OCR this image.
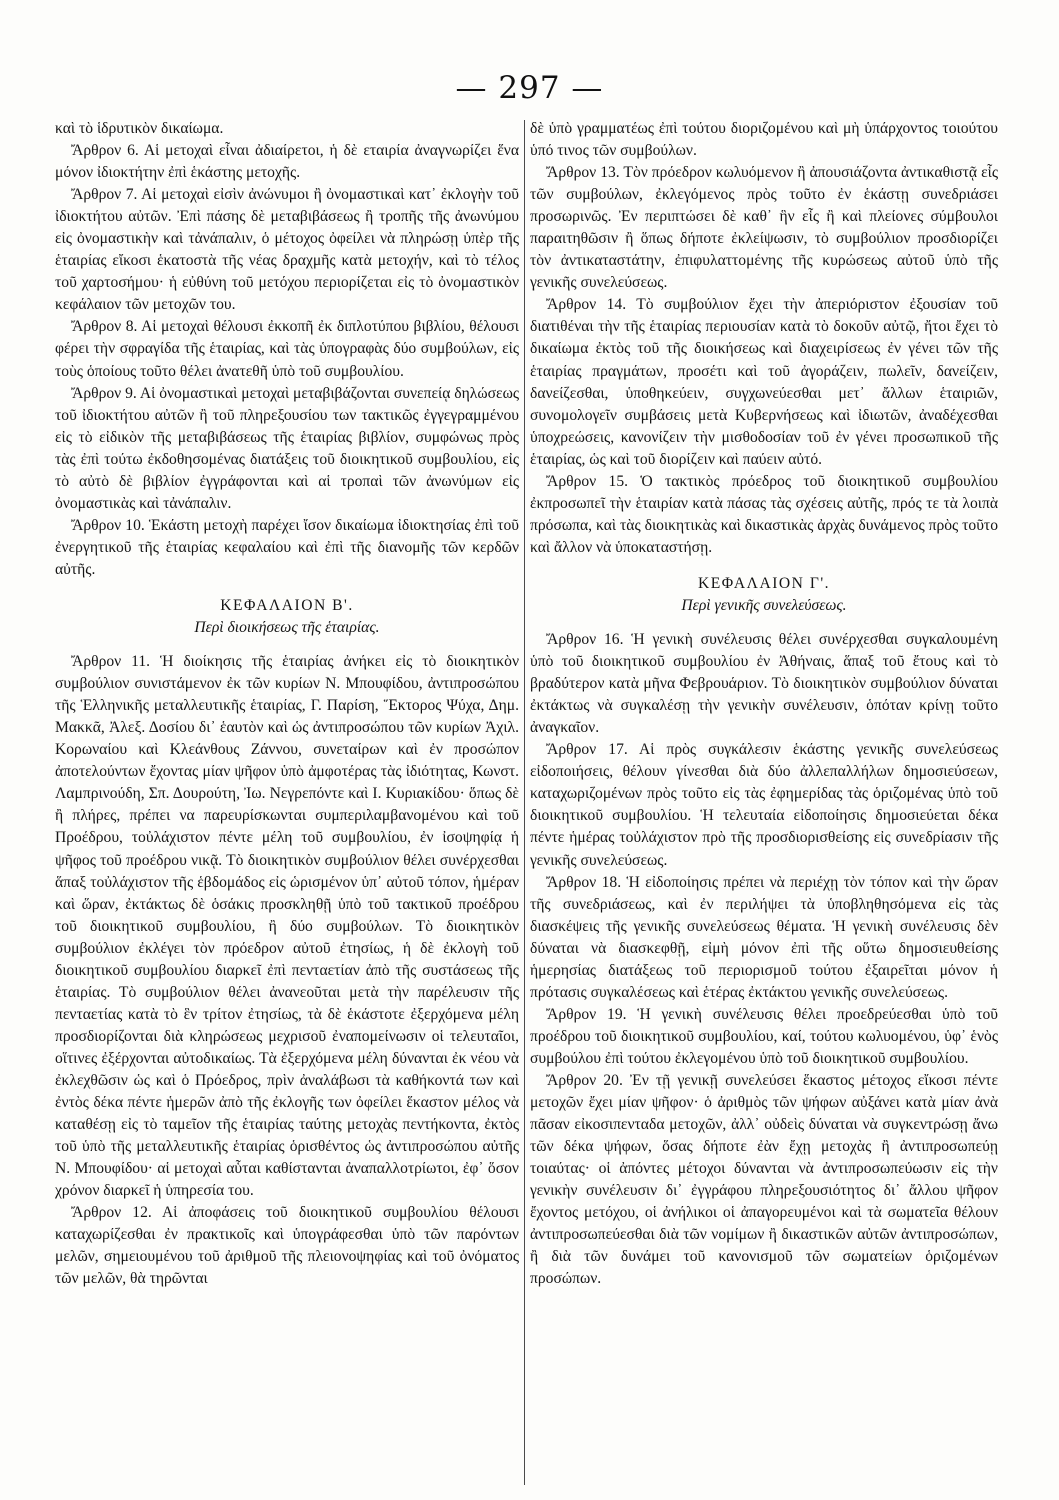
— 297 —

καὶ τὸ ἱδρυτικὸν δικαίωμα.

Ἄρθρον 6. Αἱ μετοχαὶ εἶναι ἀδιαίρετοι, ἡ δὲ εταιρία ἀναγνωρίζει ἕνα μόνον ἰδιοκτήτην ἐπὶ ἑκάστης μετοχῆς.

Ἄρθρον 7. Αἱ μετοχαὶ εἰσὶν ἀνώνυμοι ἢ ὀνομαστικαὶ κατ᾿ ἐκλογὴν τοῦ ἰδιοκτήτου αὐτῶν. Ἐπὶ πάσης δὲ μεταβιβάσεως ἢ τροπῆς τῆς ἀνωνύμου εἰς ὀνομαστικὴν καὶ τἀνάπαλιν, ὁ μέτοχος ὀφείλει νὰ πληρώσῃ ὑπὲρ τῆς ἑταιρίας εἴκοσι ἑκατοστὰ τῆς νέας δραχμῆς κατὰ μετοχήν, καὶ τὸ τέλος τοῦ χαρτοσήμου· ἡ εὐθύνη τοῦ μετόχου περιορίζεται εἰς τὸ ὀνομαστικὸν κεφάλαιον τῶν μετοχῶν του.

Ἄρθρον 8. Αἱ μετοχαὶ θέλουσι ἐκκοπῆ ἐκ διπλοτύπου βιβλίου, θέλουσι φέρει τὴν σφραγίδα τῆς ἑταιρίας, καὶ τὰς ὑπογραφὰς δύο συμβούλων, εἰς τοὺς ὁποίους τοῦτο θέλει ἀνατεθῆ ὑπὸ τοῦ συμβουλίου.

Ἄρθρον 9. Αἱ ὀνομαστικαὶ μετοχαὶ μεταβιβάζονται συνεπείᾳ δηλώσεως τοῦ ἰδιοκτήτου αὐτῶν ἢ τοῦ πληρεξουσίου των τακτικῶς ἐγγεγραμμένου εἰς τὸ εἰδικὸν τῆς μεταβιβάσεως τῆς ἑταιρίας βιβλίον, συμφώνως πρὸς τὰς ἐπὶ τούτω ἐκδοθησομένας διατάξεις τοῦ διοικητικοῦ συμβουλίου, εἰς τὸ αὐτὸ δὲ βιβλίον ἐγγράφονται καὶ αἱ τροπαὶ τῶν ἀνωνύμων εἰς ὀνομαστικὰς καὶ τἀνάπαλιν.

Ἄρθρον 10. Ἑκάστη μετοχὴ παρέχει ἴσον δικαίωμα ἰδιοκτησίας ἐπὶ τοῦ ἐνεργητικοῦ τῆς ἑταιρίας κεφαλαίου καὶ ἐπὶ τῆς διανομῆς τῶν κερδῶν αὐτῆς.

ΚΕΦΑΛΑΙΟΝ Β'.

Περὶ διοικήσεως τῆς ἑταιρίας.

Ἄρθρον 11. Ἡ διοίκησις τῆς ἑταιρίας ἀνήκει εἰς τὸ διοικητικὸν συμβούλιον συνιστάμενον ἐκ τῶν κυρίων Ν. Μπουφίδου, ἀντιπροσώπου τῆς Ἑλληνικῆς μεταλλευτικῆς ἑταιρίας, Γ. Παρίση, Ἕκτορος Ψύχα, Δημ. Μακκᾶ, Ἀλεξ. Δοσίου δι᾿ ἑαυτὸν καὶ ὡς ἀντιπροσώπου τῶν κυρίων Ἀχιλ. Κορωναίου καὶ Κλεάνθους Ζάννου, συνεταίρων καὶ ἐν προσώπον ἀποτελούντων ἔχοντας μίαν ψῆφον ὑπὸ ἀμφοτέρας τὰς ἰδιότητας, Κωνστ. Λαμπρινούδη, Σπ. Δουρούτη, Ἰω. Νεγρεπόντε καὶ Ι. Κυριακίδου· ὅπως δὲ ἢ πλήρες, πρέπει να παρευρίσκωνται συμπεριλαμβανομένου καὶ τοῦ Προέδρου, τοὐλάχιστον πέντε μέλη τοῦ συμβουλίου, ἐν ἰσοψηφίᾳ ἡ ψῆφος τοῦ προέδρου νικᾷ. Τὸ διοικητικὸν συμβούλιον θέλει συνέρχεσθαι ἅπαξ τοὐλάχιστον τῆς ἑβδομάδος εἰς ὡρισμένον ὑπ᾿ αὐτοῦ τόπον, ἡμέραν καὶ ὥραν, ἐκτάκτως δὲ ὁσάκις προσκληθῇ ὑπὸ τοῦ τακτικοῦ προέδρου τοῦ διοικητικοῦ συμβουλίου, ἢ δύο συμβούλων. Τὸ διοικητικὸν συμβούλιον ἐκλέγει τὸν πρόεδρον αὐτοῦ ἐτησίως, ἡ δὲ ἐκλογὴ τοῦ διοικητικοῦ συμβουλίου διαρκεῖ ἐπὶ πενταετίαν ἀπὸ τῆς συστάσεως τῆς ἑταιρίας. Τὸ συμβούλιον θέλει ἀνανεοῦται μετὰ τὴν παρέλευσιν τῆς πενταετίας κατὰ τὸ ἓν τρίτον ἐτησίως, τὰ δὲ ἑκάστοτε ἐξερχόμενα μέλη προσδιορίζονται διὰ κληρώσεως μεχρισοῦ ἐναπομείνωσιν οἱ τελευταῖοι, οἵτινες ἐξέρχονται αὐτοδικαίως. Τὰ ἐξερχόμενα μέλη δύνανται ἐκ νέου νὰ ἐκλεχθῶσιν ὡς καὶ ὁ Πρόεδρος, πρὶν ἀναλάβωσι τὰ καθήκοντά των καὶ ἐντὸς δέκα πέντε ἡμερῶν ἀπὸ τῆς ἐκλογῆς των ὀφείλει ἕκαστον μέλος νὰ καταθέσῃ εἰς τὸ ταμεῖον τῆς ἑταιρίας ταύτης μετοχὰς πεντήκοντα, ἐκτὸς τοῦ ὑπὸ τῆς μεταλλευτικῆς ἑταιρίας ὁρισθέντος ὡς ἀντιπροσώπου αὐτῆς Ν. Μπουφίδου· αἱ μετοχαὶ αὗται καθίστανται ἀναπαλλοτρίωτοι, ἐφ᾿ ὅσον χρόνον διαρκεῖ ἡ ὑπηρεσία του.

Ἄρθρον 12. Αἱ ἀποφάσεις τοῦ διοικητικοῦ συμβουλίου θέλουσι καταχωρίζεσθαι ἐν πρακτικοῖς καὶ ὑπογράφεσθαι ὑπὸ τῶν παρόντων μελῶν, σημειουμένου τοῦ ἀριθμοῦ τῆς πλειονοψηφίας καὶ τοῦ ὀνόματος τῶν μελῶν, θὰ τηρῶνται

δὲ ὑπὸ γραμματέως ἐπὶ τούτου διοριζομένου καὶ μὴ ὑπάρχοντος τοιούτου ὑπό τινος τῶν συμβούλων.

Ἄρθρον 13. Τὸν πρόεδρον κωλυόμενον ἢ ἀπουσιάζοντα ἀντικαθιστᾷ εἷς τῶν συμβούλων, ἐκλεγόμενος πρὸς τοῦτο ἐν ἑκάστῃ συνεδριάσει προσωρινῶς. Ἐν περιπτώσει δὲ καθ᾿ ἣν εἷς ἢ καὶ πλείονες σύμβουλοι παραιτηθῶσιν ἢ ὅπως δήποτε ἐκλείψωσιν, τὸ συμβούλιον προσδιορίζει τὸν ἀντικαταστάτην, ἐπιφυλαττομένης τῆς κυρώσεως αὐτοῦ ὑπὸ τῆς γενικῆς συνελεύσεως.

Ἄρθρον 14. Τὸ συμβούλιον ἔχει τὴν ἀπεριόριστον ἐξουσίαν τοῦ διατιθέναι τὴν τῆς ἑταιρίας περιουσίαν κατὰ τὸ δοκοῦν αὐτῷ, ἤτοι ἔχει τὸ δικαίωμα ἐκτὸς τοῦ τῆς διοικήσεως καὶ διαχειρίσεως ἐν γένει τῶν τῆς ἑταιρίας πραγμάτων, προσέτι καὶ τοῦ ἀγοράζειν, πωλεῖν, δανείζειν, δανείζεσθαι, ὑποθηκεύειν, συγχωνεύεσθαι μετ᾿ ἄλλων ἑταιριῶν, συνομολογεῖν συμβάσεις μετὰ Κυβερνήσεως καὶ ἰδιωτῶν, ἀναδέχεσθαι ὑποχρεώσεις, κανονίζειν τὴν μισθοδοσίαν τοῦ ἐν γένει προσωπικοῦ τῆς ἑταιρίας, ὡς καὶ τοῦ διορίζειν καὶ παύειν αὐτό.

Ἄρθρον 15. Ὁ τακτικὸς πρόεδρος τοῦ διοικητικοῦ συμβουλίου ἐκπροσωπεῖ τὴν ἑταιρίαν κατὰ πάσας τὰς σχέσεις αὐτῆς, πρός τε τὰ λοιπὰ πρόσωπα, καὶ τὰς διοικητικὰς καὶ δικαστικὰς ἀρχὰς δυνάμενος πρὸς τοῦτο καὶ ἄλλον νὰ ὑποκαταστήσῃ.

ΚΕΦΑΛΑΙΟΝ Γ'.

Περὶ γενικῆς συνελεύσεως.

Ἄρθρον 16. Ἡ γενικὴ συνέλευσις θέλει συνέρχεσθαι συγκαλουμένη ὑπὸ τοῦ διοικητικοῦ συμβουλίου ἐν Ἀθήναις, ἅπαξ τοῦ ἔτους καὶ τὸ βραδύτερον κατὰ μῆνα Φεβρουάριον. Τὸ διοικητικὸν συμβούλιον δύναται ἐκτάκτως νὰ συγκαλέσῃ τὴν γενικὴν συνέλευσιν, ὁπόταν κρίνῃ τοῦτο ἀναγκαῖον.

Ἄρθρον 17. Αἱ πρὸς συγκάλεσιν ἑκάστης γενικῆς συνελεύσεως εἰδοποιήσεις, θέλουν γίνεσθαι διὰ δύο ἀλλεπαλλήλων δημοσιεύσεων, καταχωριζομένων πρὸς τοῦτο εἰς τὰς ἐφημερίδας τὰς ὁριζομένας ὑπὸ τοῦ διοικητικοῦ συμβουλίου. Ἡ τελευταία εἰδοποίησις δημοσιεύεται δέκα πέντε ἡμέρας τοὐλάχιστον πρὸ τῆς προσδιορισθείσης εἰς συνεδρίασιν τῆς γενικῆς συνελεύσεως.

Ἄρθρον 18. Ἡ εἰδοποίησις πρέπει νὰ περιέχῃ τὸν τόπον καὶ τὴν ὥραν τῆς συνεδριάσεως, καὶ ἐν περιλήψει τὰ ὑποβληθησόμενα εἰς τὰς διασκέψεις τῆς γενικῆς συνελεύσεως θέματα. Ἡ γενικὴ συνέλευσις δὲν δύναται νὰ διασκεφθῇ, εἰμὴ μόνον ἐπὶ τῆς οὕτω δημοσιευθείσης ἡμερησίας διατάξεως τοῦ περιορισμοῦ τούτου ἐξαιρεῖται μόνον ἡ πρότασις συγκαλέσεως καὶ ἑτέρας ἐκτάκτου γενικῆς συνελεύσεως.

Ἄρθρον 19. Ἡ γενικὴ συνέλευσις θέλει προεδρεύεσθαι ὑπὸ τοῦ προέδρου τοῦ διοικητικοῦ συμβουλίου, καί, τούτου κωλυομένου, ὑφ᾿ ἑνὸς συμβούλου ἐπὶ τούτου ἐκλεγομένου ὑπὸ τοῦ διοικητικοῦ συμβουλίου.

Ἄρθρον 20. Ἐν τῇ γενικῇ συνελεύσει ἕκαστος μέτοχος εἴκοσι πέντε μετοχῶν ἔχει μίαν ψῆφον· ὁ ἀριθμὸς τῶν ψήφων αὐξάνει κατὰ μίαν ἀνὰ πᾶσαν εἰκοσιπενταδα μετοχῶν, ἀλλ᾿ οὐδεὶς δύναται νὰ συγκεντρώσῃ ἄνω τῶν δέκα ψήφων, ὅσας δήποτε ἐὰν ἔχῃ μετοχὰς ἢ ἀντιπροσωπεύῃ τοιαύτας· οἱ ἀπόντες μέτοχοι δύνανται νὰ ἀντιπροσωπεύωσιν εἰς τὴν γενικὴν συνέλευσιν δι᾿ ἐγγράφου πληρεξουσιότητος δι᾿ ἄλλου ψῆφον ἔχοντος μετόχου, οἱ ἀνήλικοι οἱ ἀπαγορευμένοι καὶ τὰ σωματεῖα θέλουν ἀντιπροσωπεύεσθαι διὰ τῶν νομίμων ἢ δικαστικῶν αὐτῶν ἀντιπροσώπων, ἢ διὰ τῶν δυνάμει τοῦ κανονισμοῦ τῶν σωματείων ὁριζομένων προσώπων.
